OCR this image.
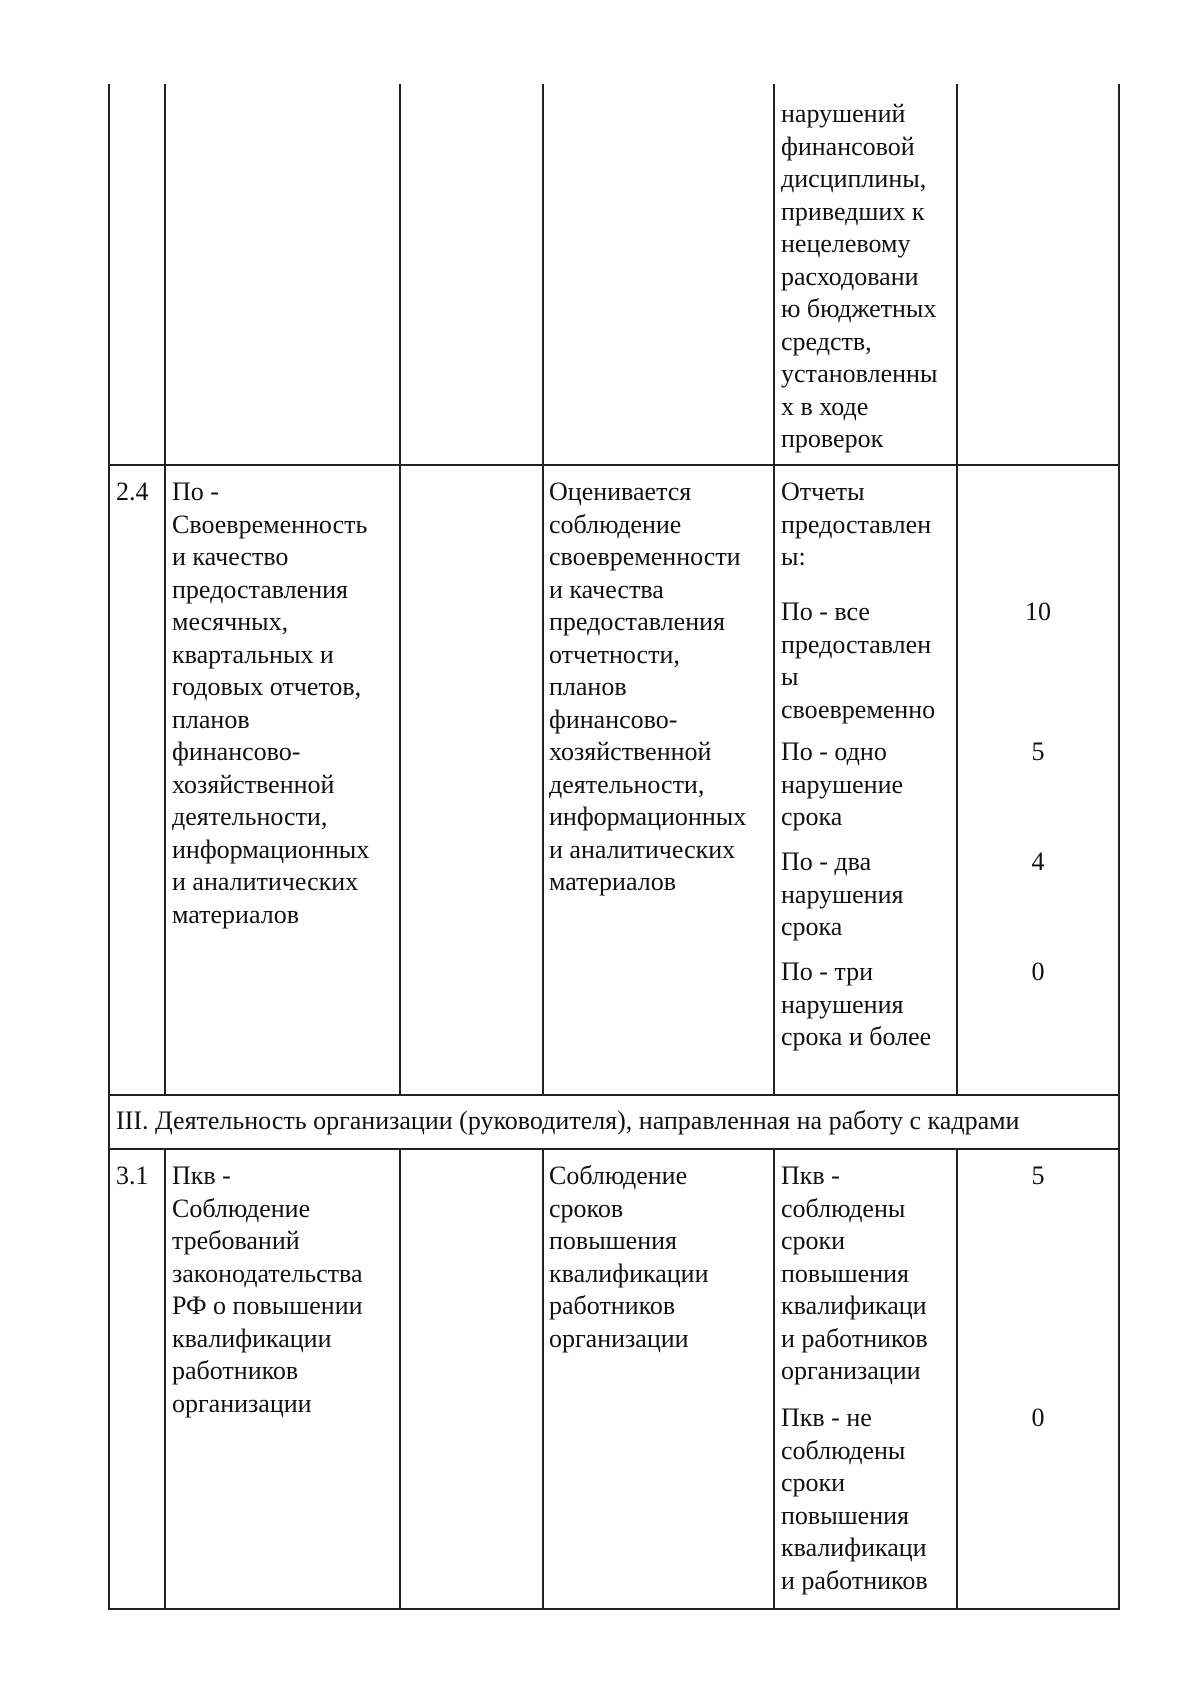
нарушений
финансовой
дисциплины,
приведших к
нецелевому
расходовани
ю бюджетных
средств,
установленны
х в ходе
проверок
2.4 По -
Своевременность
и качество
предоставления
месячных,
квартальных и
годовых отчетов,
планов
финансово-
хозяйственной
деятельности,
информационных
и аналитических
материалов
Оценивается
соблюдение
своевременности
и качества
предоставления
отчетности,
планов
финансово-
хозяйственной
деятельности,
информационных
и аналитических
материалов
Отчеты
предоставлен
ы:
По - все
предоставлен
ы
своевременно
10
По - одно
нарушение
срока
5
По - два
нарушения
срока
4
По - три
нарушения
срока и более
0
III. Деятельность организации (руководителя), направленная на работу с кадрами
3.1 Пкв -
Соблюдение
требований
законодательства
РФ о повышении
квалификации
работников
организации
Соблюдение
сроков
повышения
квалификации
работников
организации
Пкв -
соблюдены
сроки
повышения
квалификаци
и работников
организации
5
Пкв - не
соблюдены
сроки
повышения
квалификаци
и работников
0
